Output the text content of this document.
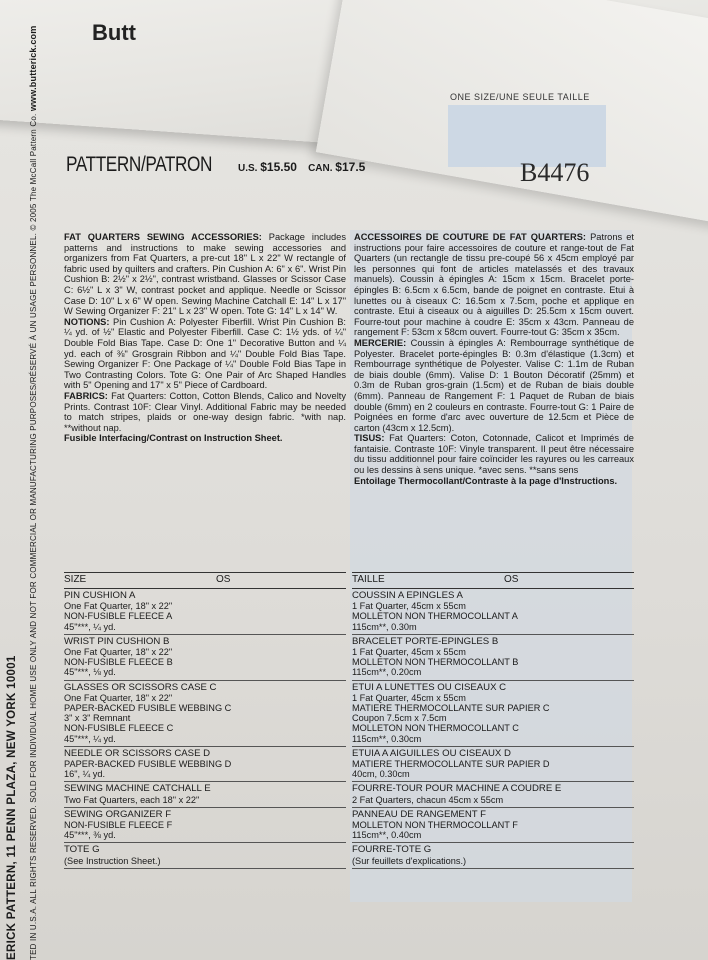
Butt
ONE SIZE/UNE SEULE TAILLE
PATTERN/PATRON	U.S. $15.50 CAN. $17.5	B4476
ERICK PATTERN, 11 PENN PLAZA, NEW YORK 10001 TED IN U.S.A. ALL RIGHTS RESERVED. SOLD FOR INDIVIDUAL HOME USE ONLY AND NOT FOR COMMERCIAL OR MANUFACTURING PURPOSES/RÉSERVÉ À UN USAGE PERSONNEL. © 2005 The McCall Pattern Co. www.butterick.com
FAT QUARTERS SEWING ACCESSORIES: Package includes patterns and instructions to make sewing accessories and organizers from Fat Quarters, a pre-cut 18" L x 22" W rectangle of fabric used by quilters and crafters. Pin Cushion A: 6" x 6". Wrist Pin Cushion B: 2½" x 2½", contrast wristband. Glasses or Scissor Case C: 6½" L x 3" W, contrast pocket and applique. Needle or Scissor Case D: 10" L x 6" W open. Sewing Machine Catchall E: 14" L x 17" W Sewing Organizer F: 21" L x 23" W open. Tote G: 14" L x 14" W.
NOTIONS: Pin Cushion A: Polyester Fiberfill. Wrist Pin Cushion B: ¼ yd. of ½" Elastic and Polyester Fiberfill. Case C: 1½ yds. of ¼" Double Fold Bias Tape. Case D: One 1" Decorative Button and ¼ yd. each of ⅜" Grosgrain Ribbon and ¼" Double Fold Bias Tape. Sewing Organizer F: One Package of ¼" Double Fold Bias Tape in Two Contrasting Colors. Tote G: One Pair of Arc Shaped Handles with 5" Opening and 17" x 5" Piece of Cardboard.
FABRICS: Fat Quarters: Cotton, Cotton Blends, Calico and Novelty Prints. Contrast 10F: Clear Vinyl. Additional Fabric may be needed to match stripes, plaids or one-way design fabric. *with nap. **without nap.
Fusible Interfacing/Contrast on Instruction Sheet.
ACCESSOIRES DE COUTURE DE FAT QUARTERS: Patrons et instructions pour faire accessoires de couture et range-tout de Fat Quarters (un rectangle de tissu pre-coupé 56 x 45cm employé par les personnes qui font de articles matelassés et des travaux manuels). Coussin à épingles A: 15cm x 15cm. Bracelet porte-épingles B: 6.5cm x 6.5cm, bande de poignet en contraste. Etui à lunettes ou à ciseaux C: 16.5cm x 7.5cm, poche et applique en contraste. Etui à ciseaux ou à aiguilles D: 25.5cm x 15cm ouvert. Fourre-tout pour machine à coudre E: 35cm x 43cm. Panneau de rangement F: 53cm x 58cm ouvert. Fourre-tout G: 35cm x 35cm.
MERCERIE: Coussin à épingles A: Rembourrage synthétique de Polyester. Bracelet porte-épingles B: 0.3m d'élastique (1.3cm) et Rembourrage synthétique de Polyester. Valise C: 1.1m de Ruban de biais double (6mm). Valise D: 1 Bouton Décoratif (25mm) et 0.3m de Ruban gros-grain (1.5cm) et de Ruban de biais double (6mm). Panneau de Rangement F: 1 Paquet de Ruban de biais double (6mm) en 2 couleurs en contraste. Fourre-tout G: 1 Paire de Poignées en forme d'arc avec ouverture de 12.5cm et Pièce de carton (43cm x 12.5cm).
TISUS: Fat Quarters: Coton, Cotonnade, Calicot et Imprimés de fantaisie. Contraste 10F: Vinyle transparent. Il peut être nécessaire du tissu additionnel pour faire coïncider les rayures ou les carreaux ou les dessins à sens unique. *avec sens. **sans sens
Entoilage Thermocollant/Contraste à la page d'Instructions.
SIZE	OS
PIN CUSHION A
One Fat Quarter, 18" x 22"
NON-FUSIBLE FLEECE A
45"***, ¼ yd.
WRIST PIN CUSHION B
One Fat Quarter, 18" x 22"
NON-FUSIBLE FLEECE B
45"***, ⅛ yd.
GLASSES OR SCISSORS CASE C
One Fat Quarter, 18" x 22"
PAPER-BACKED FUSIBLE WEBBING C
3" x 3" Remnant
NON-FUSIBLE FLEECE C
45"***, ¼ yd.
NEEDLE OR SCISSORS CASE D
PAPER-BACKED FUSIBLE WEBBING D
16", ¼ yd.
SEWING MACHINE CATCHALL E
Two Fat Quarters, each 18" x 22"
SEWING ORGANIZER F
NON-FUSIBLE FLEECE F
45"***, ⅜ yd.
TOTE G
(See Instruction Sheet.)
TAILLE	OS
COUSSIN A EPINGLES A
1 Fat Quarter, 45cm x 55cm
MOLLETON NON THERMOCOLLANT A
115cm**, 0.30m
BRACELET PORTE-EPINGLES B
1 Fat Quarter, 45cm x 55cm
MOLLETON NON THERMOCOLLANT B
115cm**, 0.20cm
ETUI A LUNETTES OU CISEAUX C
1 Fat Quarter, 45cm x 55cm
MATIERE THERMOCOLLANTE SUR PAPIER C
Coupon 7.5cm x 7.5cm
MOLLETON NON THERMOCOLLANT C
115cm**, 0.30cm
ETUIA A AIGUILLES OU CISEAUX D
MATIERE THERMOCOLLANTE SUR PAPIER D
40cm, 0.30cm
FOURRE-TOUR POUR MACHINE A COUDRE E
2 Fat Quarters, chacun 45cm x 55cm
PANNEAU DE RANGEMENT F
MOLLETON NON THERMOCOLLANT F
115cm**, 0.40cm
FOURRE-TOTE G
(Sur feuillets d'explications.)
